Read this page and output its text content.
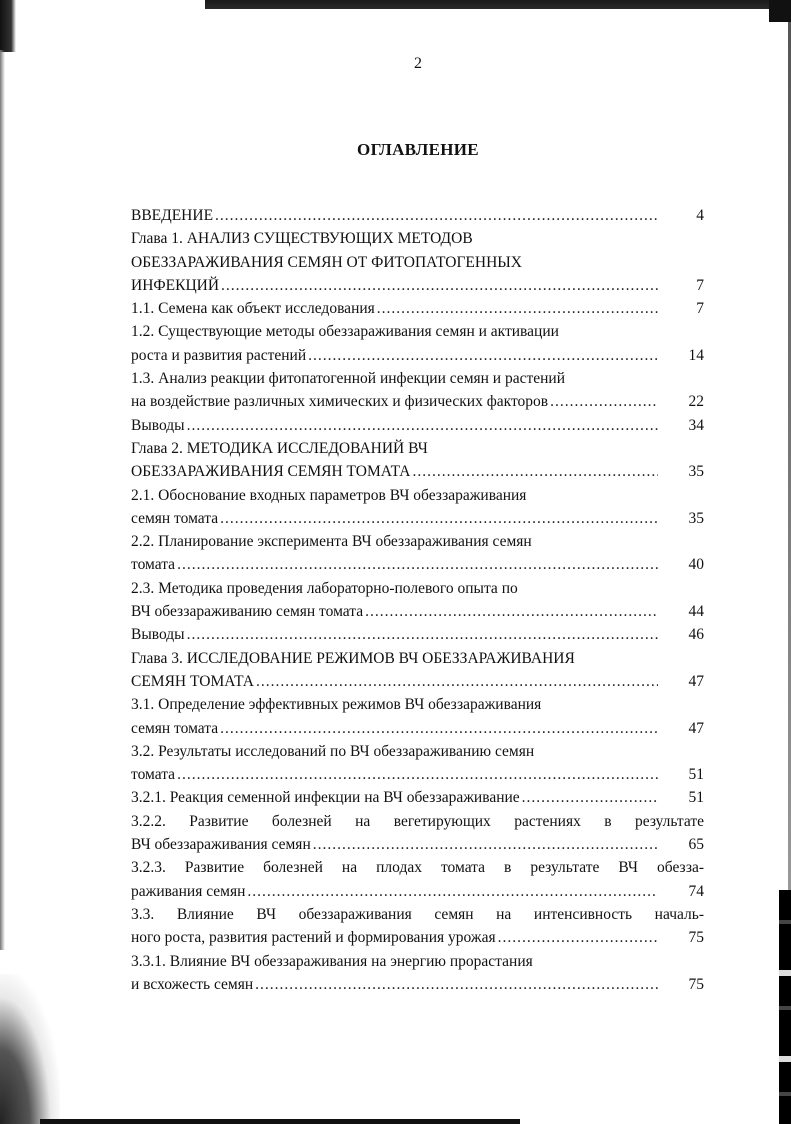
2
ОГЛАВЛЕНИЕ
ВВЕДЕНИЕ .....	4
Глава 1. АНАЛИЗ СУЩЕСТВУЮЩИХ МЕТОДОВ
ОБЕЗЗАРАЖИВАНИЯ СЕМЯН ОТ ФИТОПАТОГЕННЫХ
ИНФЕКЦИЙ .....	7
1.1. Семена как объект исследования .....	7
1.2. Существующие методы обеззараживания семян и активации
роста и развития растений .....	14
1.3. Анализ реакции фитопатогенной инфекции семян и растений
на воздействие различных химических и физических факторов .....	22
Выводы .....	34
Глава 2. МЕТОДИКА ИССЛЕДОВАНИЙ ВЧ
ОБЕЗЗАРАЖИВАНИЯ СЕМЯН ТОМАТА .....	35
2.1. Обоснование входных параметров ВЧ обеззараживания
семян томата .....	35
2.2. Планирование эксперимента ВЧ обеззараживания семян
томата .....	40
2.3. Методика проведения лабораторно-полевого опыта по
ВЧ обеззараживанию семян томата .....	44
Выводы .....	46
Глава 3. ИССЛЕДОВАНИЕ РЕЖИМОВ ВЧ ОБЕЗЗАРАЖИВАНИЯ
СЕМЯН ТОМАТА .....	47
3.1. Определение эффективных режимов ВЧ обеззараживания
семян томата .....	47
3.2. Результаты исследований по ВЧ обеззараживанию семян
томата .....	51
3.2.1. Реакция семенной инфекции на ВЧ обеззараживание .....	51
3.2.2. Развитие болезней на вегетирующих растениях в результате
ВЧ обеззараживания семян .....	65
3.2.3. Развитие болезней на плодах томата в результате ВЧ обезза-
раживания семян .....	74
3.3. Влияние ВЧ обеззараживания семян на интенсивность началь-
ного роста, развития растений и формирования урожая .....	75
3.3.1. Влияние ВЧ обеззараживания на энергию прорастания
и всхожесть семян .....	75
